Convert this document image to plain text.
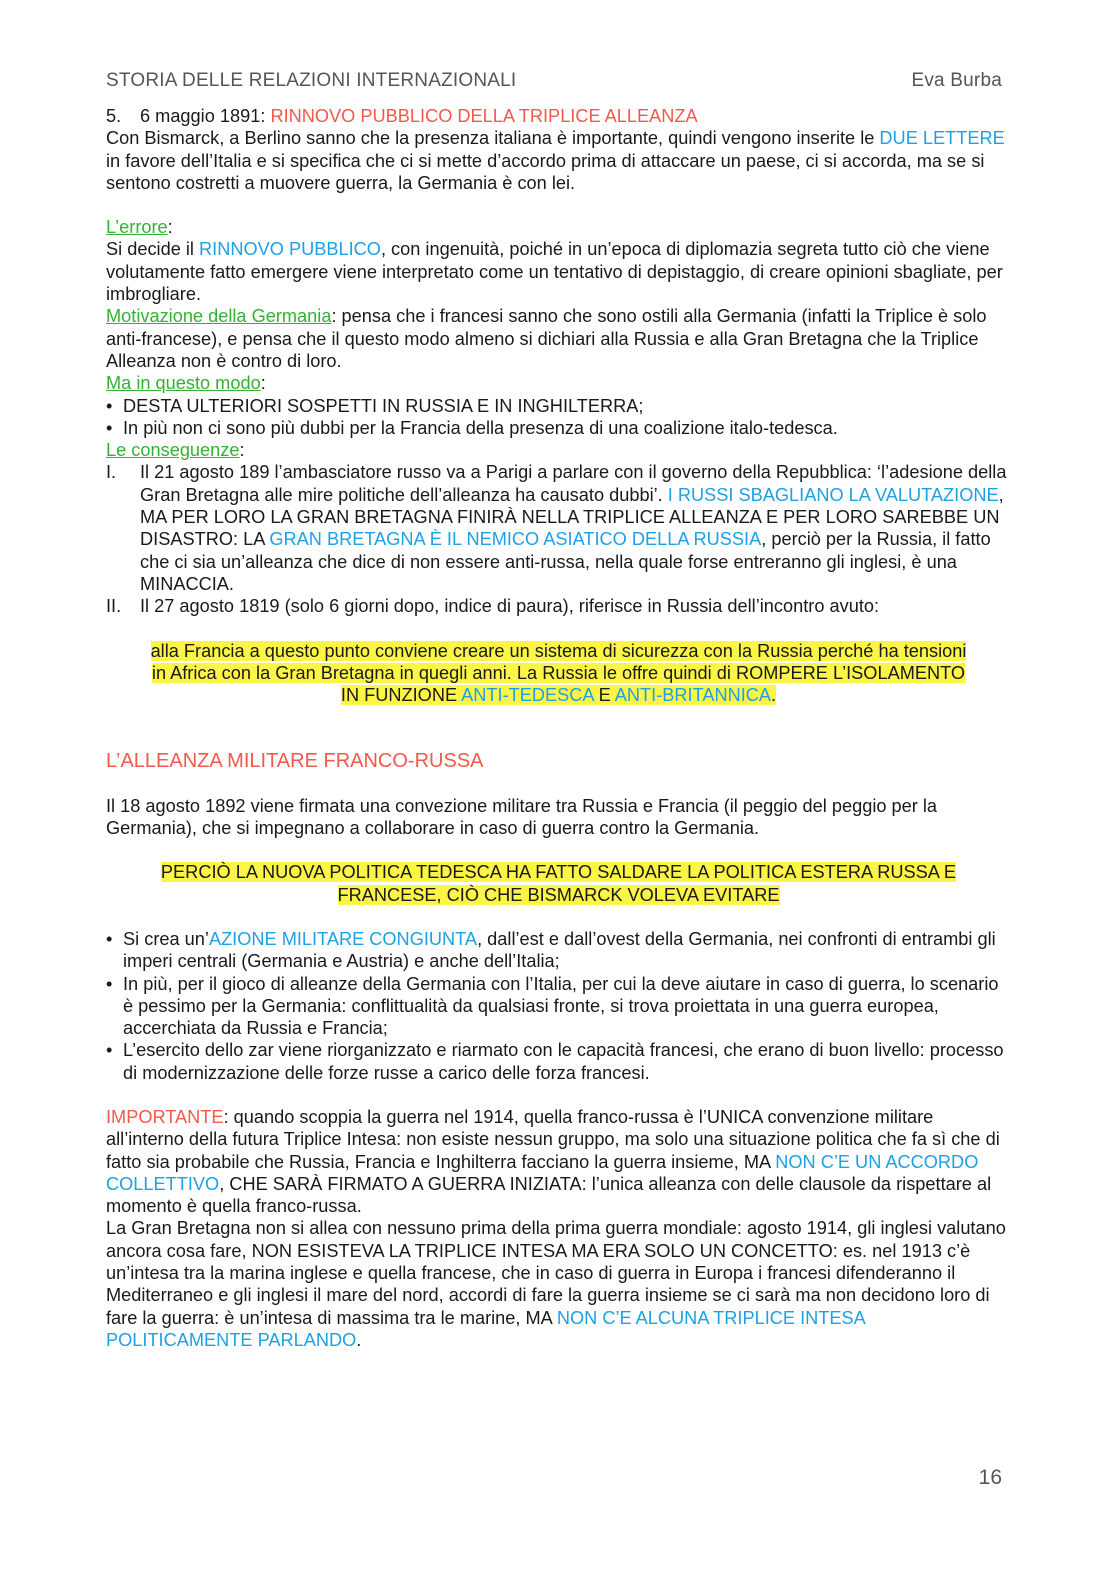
STORIA DELLE RELAZIONI INTERNAZIONALI	Eva Burba

5. 6 maggio 1891: RINNOVO PUBBLICO DELLA TRIPLICE ALLEANZA

Con Bismarck, a Berlino sanno che la presenza italiana è importante, quindi vengono inserite le DUE LETTERE in favore dell’Italia e si specifica che ci si mette d’accordo prima di attaccare un paese, ci si accorda, ma se si sentono costretti a muovere guerra, la Germania è con lei.

L’errore:

Si decide il RINNOVO PUBBLICO, con ingenuità, poiché in un’epoca di diplomazia segreta tutto ciò che viene volutamente fatto emergere viene interpretato come un tentativo di depistaggio, di creare opinioni sbagliate, per imbrogliare.

Motivazione della Germania: pensa che i francesi sanno che sono ostili alla Germania (infatti la Triplice è solo anti-francese), e pensa che il questo modo almeno si dichiari alla Russia e alla Gran Bretagna che la Triplice Alleanza non è contro di loro.

Ma in questo modo:

• DESTA ULTERIORI SOSPETTI IN RUSSIA E IN INGHILTERRA;
• In più non ci sono più dubbi per la Francia della presenza di una coalizione italo-tedesca.

Le conseguenze:

I. Il 21 agosto 189 l’ambasciatore russo va a Parigi a parlare con il governo della Repubblica: ‘l’adesione della Gran Bretagna alle mire politiche dell’alleanza ha causato dubbi’. I RUSSI SBAGLIANO LA VALUTAZIONE, MA PER LORO LA GRAN BRETAGNA FINIRÀ NELLA TRIPLICE ALLEANZA E PER LORO SAREBBE UN DISASTRO: LA GRAN BRETAGNA È IL NEMICO ASIATICO DELLA RUSSIA, perciò per la Russia, il fatto che ci sia un’alleanza che dice di non essere anti-russa, nella quale forse entreranno gli inglesi, è una MINACCIA.
II. Il 27 agosto 1819 (solo 6 giorni dopo, indice di paura), riferisce in Russia dell’incontro avuto:

alla Francia a questo punto conviene creare un sistema di sicurezza con la Russia perché ha tensioni in Africa con la Gran Bretagna in quegli anni. La Russia le offre quindi di ROMPERE L’ISOLAMENTO IN FUNZIONE ANTI-TEDESCA E ANTI-BRITANNICA.

L’ALLEANZA MILITARE FRANCO-RUSSA

Il 18 agosto 1892 viene firmata una convezione militare tra Russia e Francia (il peggio del peggio per la Germania), che si impegnano a collaborare in caso di guerra contro la Germania.

PERCIÒ LA NUOVA POLITICA TEDESCA HA FATTO SALDARE LA POLITICA ESTERA RUSSA E FRANCESE, CIÒ CHE BISMARCK VOLEVA EVITARE

• Si crea un’AZIONE MILITARE CONGIUNTA, dall’est e dall’ovest della Germania, nei confronti di entrambi gli imperi centrali (Germania e Austria) e anche dell’Italia;
• In più, per il gioco di alleanze della Germania con l’Italia, per cui la deve aiutare in caso di guerra, lo scenario è pessimo per la Germania: conflittualità da qualsiasi fronte, si trova proiettata in una guerra europea, accerchiata da Russia e Francia;
• L’esercito dello zar viene riorganizzato e riarmato con le capacità francesi, che erano di buon livello: processo di modernizzazione delle forze russe a carico delle forza francesi.

IMPORTANTE: quando scoppia la guerra nel 1914, quella franco-russa è l’UNICA convenzione militare all’interno della futura Triplice Intesa: non esiste nessun gruppo, ma solo una situazione politica che fa sì che di fatto sia probabile che Russia, Francia e Inghilterra facciano la guerra insieme, MA NON C’E UN ACCORDO COLLETTIVO, CHE SARÀ FIRMATO A GUERRA INIZIATA: l’unica alleanza con delle clausole da rispettare al momento è quella franco-russa.

La Gran Bretagna non si allea con nessuno prima della prima guerra mondiale: agosto 1914, gli inglesi valutano ancora cosa fare, NON ESISTEVA LA TRIPLICE INTESA MA ERA SOLO UN CONCETTO: es. nel 1913 c’è un’intesa tra la marina inglese e quella francese, che in caso di guerra in Europa i francesi difenderanno il Mediterraneo e gli inglesi il mare del nord, accordi di fare la guerra insieme se ci sarà ma non decidono loro di fare la guerra: è un’intesa di massima tra le marine, MA NON C’E ALCUNA TRIPLICE INTESA POLITICAMENTE PARLANDO.

16
